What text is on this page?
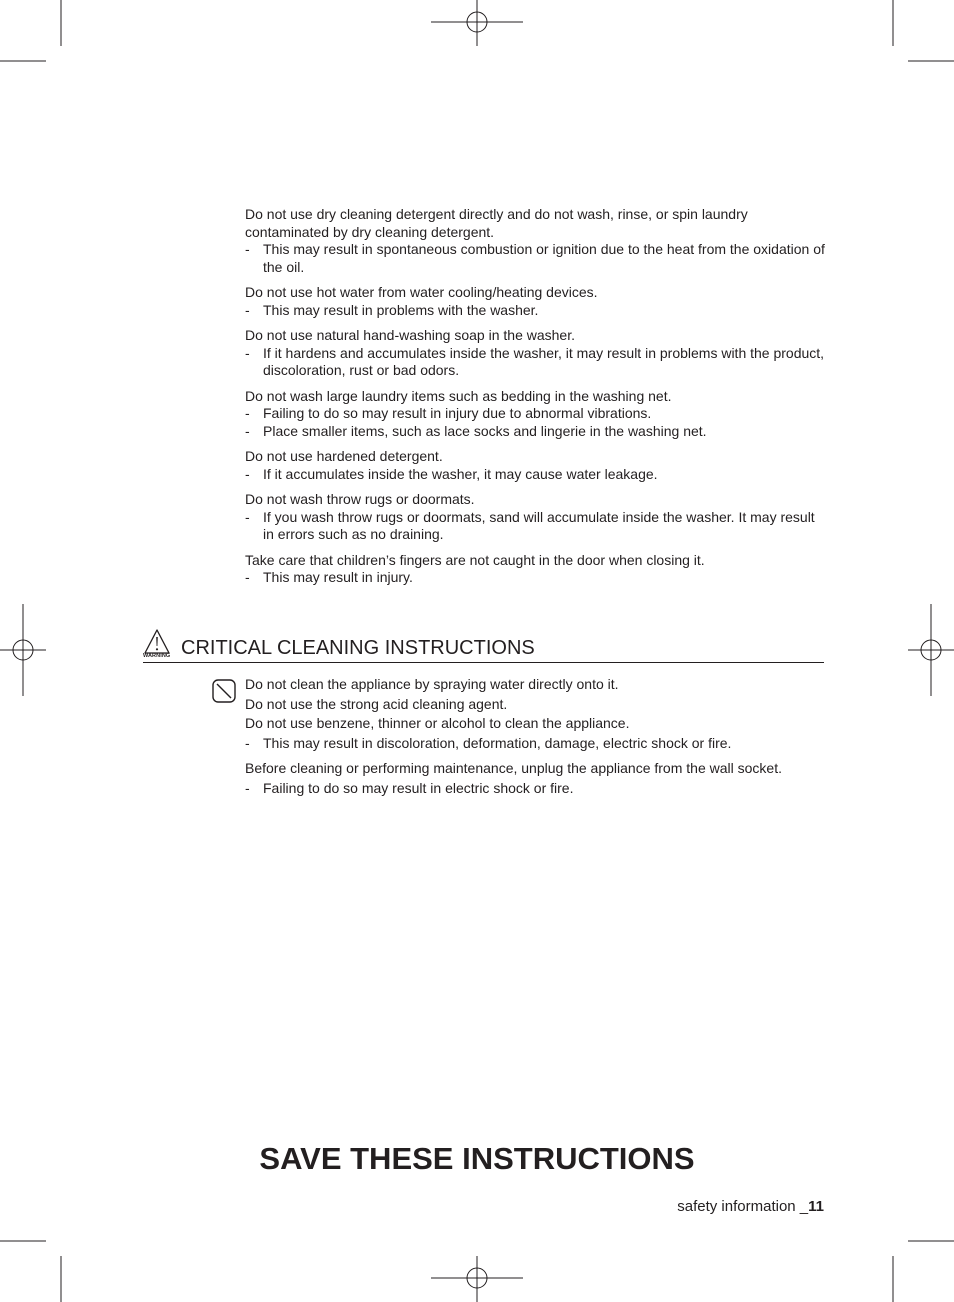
Do not use dry cleaning detergent directly and do not wash, rinse, or spin laundry contaminated by dry cleaning detergent.

- This may result in spontaneous combustion or ignition due to the heat from the oxidation of the oil.

Do not use hot water from water cooling/heating devices.

- This may result in problems with the washer.

Do not use natural hand-washing soap in the washer.

- If it hardens and accumulates inside the washer, it may result in problems with the product, discoloration, rust or bad odors.

Do not wash large laundry items such as bedding in the washing net.

- Failing to do so may result in injury due to abnormal vibrations.

- Place smaller items, such as lace socks and lingerie in the washing net.

Do not use hardened detergent.

- If it accumulates inside the washer, it may cause water leakage.

Do not wash throw rugs or doormats.

- If you wash throw rugs or doormats, sand will accumulate inside the washer. It may result in errors such as no draining.

Take care that children’s fingers are not caught in the door when closing it.

- This may result in injury.

WARNING CRITICAL CLEANING INSTRUCTIONS

Do not clean the appliance by spraying water directly onto it.

Do not use the strong acid cleaning agent.

Do not use benzene, thinner or alcohol to clean the appliance.

- This may result in discoloration, deformation, damage, electric shock or fire.

Before cleaning or performing maintenance, unplug the appliance from the wall socket.

- Failing to do so may result in electric shock or fire.

SAVE THESE INSTRUCTIONS
safety information _11
